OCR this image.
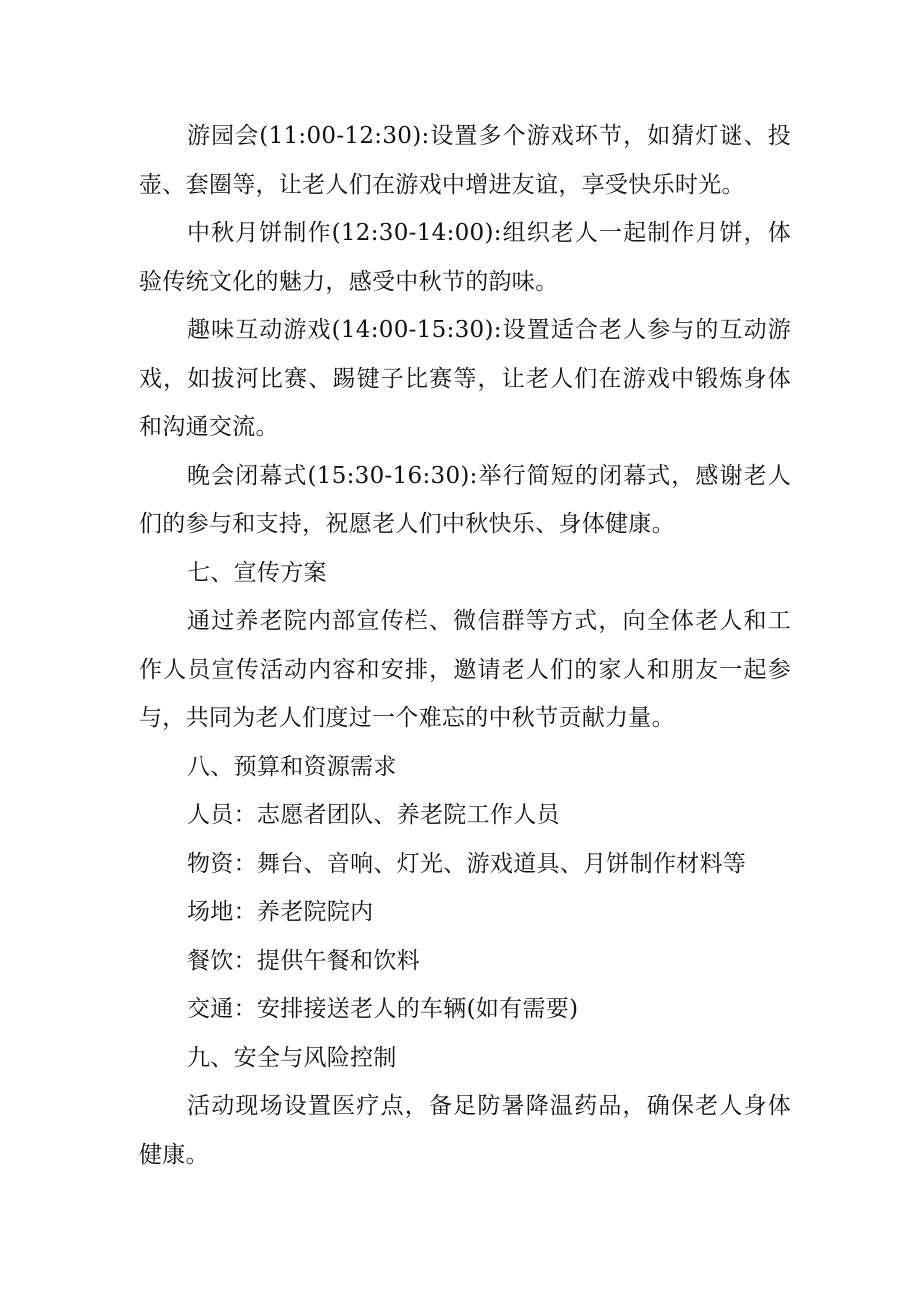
游园会(11:00-12:30):设置多个游戏环节，如猜灯谜、投壶、套圈等，让老人们在游戏中增进友谊，享受快乐时光。

中秋月饼制作(12:30-14:00):组织老人一起制作月饼，体验传统文化的魅力，感受中秋节的韵味。

趣味互动游戏(14:00-15:30):设置适合老人参与的互动游戏，如拔河比赛、踢键子比赛等，让老人们在游戏中锻炼身体和沟通交流。

晚会闭幕式(15:30-16:30):举行简短的闭幕式，感谢老人们的参与和支持，祝愿老人们中秋快乐、身体健康。

七、宣传方案

通过养老院内部宣传栏、微信群等方式，向全体老人和工作人员宣传活动内容和安排，邀请老人们的家人和朋友一起参与，共同为老人们度过一个难忘的中秋节贡献力量。

八、预算和资源需求

人员：志愿者团队、养老院工作人员

物资：舞台、音响、灯光、游戏道具、月饼制作材料等

场地：养老院院内

餐饮：提供午餐和饮料

交通：安排接送老人的车辆(如有需要)

九、安全与风险控制

活动现场设置医疗点，备足防暑降温药品，确保老人身体健康。
